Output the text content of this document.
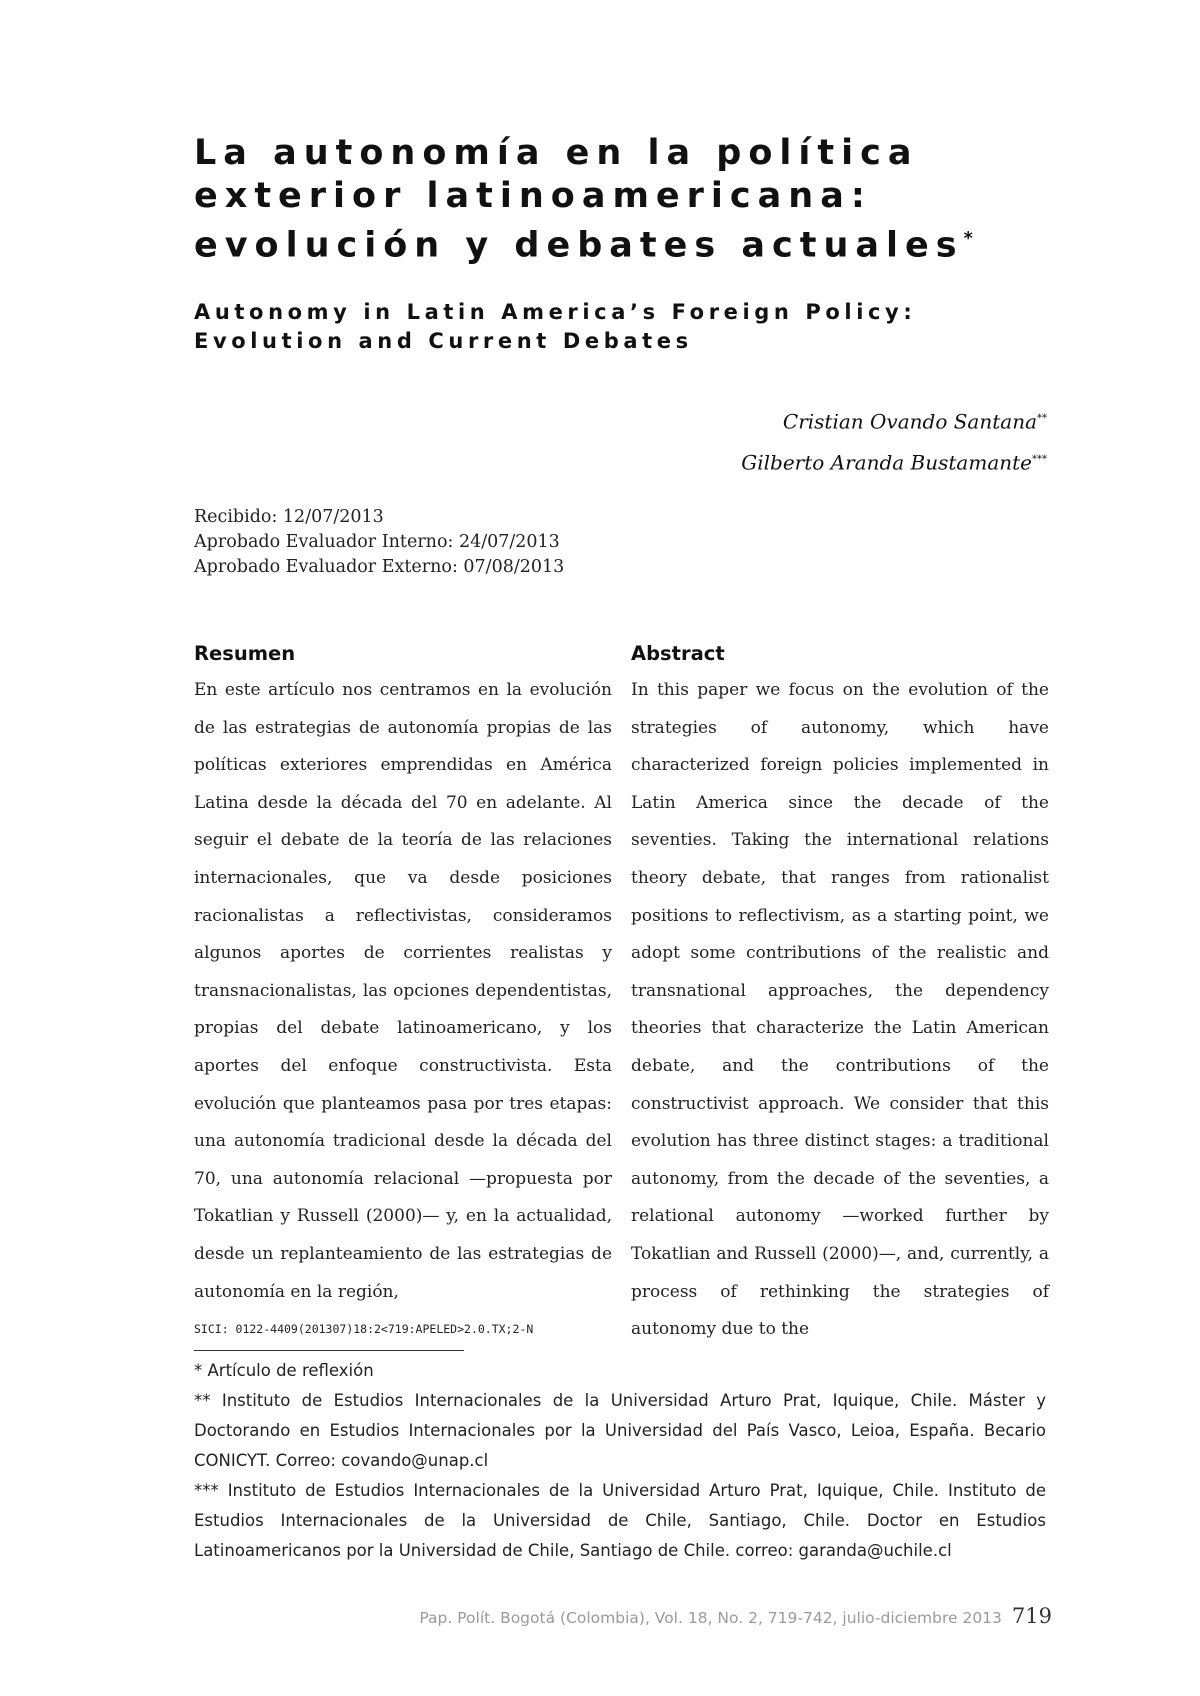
La autonomía en la política
exterior latinoamericana:
evolución y debates actuales*
Autonomy in Latin America’s Foreign Policy:
Evolution and Current Debates
Cristian Ovando Santana**
Gilberto Aranda Bustamante***
Recibido: 12/07/2013
Aprobado Evaluador Interno: 24/07/2013
Aprobado Evaluador Externo: 07/08/2013
Resumen

En este artículo nos centramos en la evolución de las estrategias de autonomía propias de las políticas exteriores emprendidas en América Latina desde la década del 70 en adelante. Al seguir el debate de la teoría de las relaciones internacionales, que va desde posiciones racionalistas a reflectivistas, consideramos algunos aportes de corrientes realistas y transnacionalistas, las opciones dependentistas, propias del debate latinoamericano, y los aportes del enfoque constructivista. Esta evolución que planteamos pasa por tres etapas: una autonomía tradicional desde la década del 70, una autonomía relacional —propuesta por Tokatlian y Russell (2000)— y, en la actualidad, desde un replanteamiento de las estrategias de autonomía en la región,

Abstract

In this paper we focus on the evolution of the strategies of autonomy, which have characterized foreign policies implemented in Latin America since the decade of the seventies. Taking the international relations theory debate, that ranges from rationalist positions to reflectivism, as a starting point, we adopt some contributions of the realistic and transnational approaches, the dependency theories that characterize the Latin American debate, and the contributions of the constructivist approach. We consider that this evolution has three distinct stages: a traditional autonomy, from the decade of the seventies, a relational autonomy —worked further by Tokatlian and Russell (2000)—, and, currently, a process of rethinking the strategies of autonomy due to the

SICI: 0122-4409(201307)18:2<719:APELED>2.0.TX;2-N

* Artículo de reflexión

** Instituto de Estudios Internacionales de la Universidad Arturo Prat, Iquique, Chile. Máster y Doctorando en Estudios Internacionales por la Universidad del País Vasco, Leioa, España. Becario CONICYT. Correo: covando@unap.cl

*** Instituto de Estudios Internacionales de la Universidad Arturo Prat, Iquique, Chile. Instituto de Estudios Internacionales de la Universidad de Chile, Santiago, Chile. Doctor en Estudios Latinoamericanos por la Universidad de Chile, Santiago de Chile. correo: garanda@uchile.cl

Pap. Polít. Bogotá (Colombia), Vol. 18, No. 2, 719-742, julio-diciembre 2013 719
